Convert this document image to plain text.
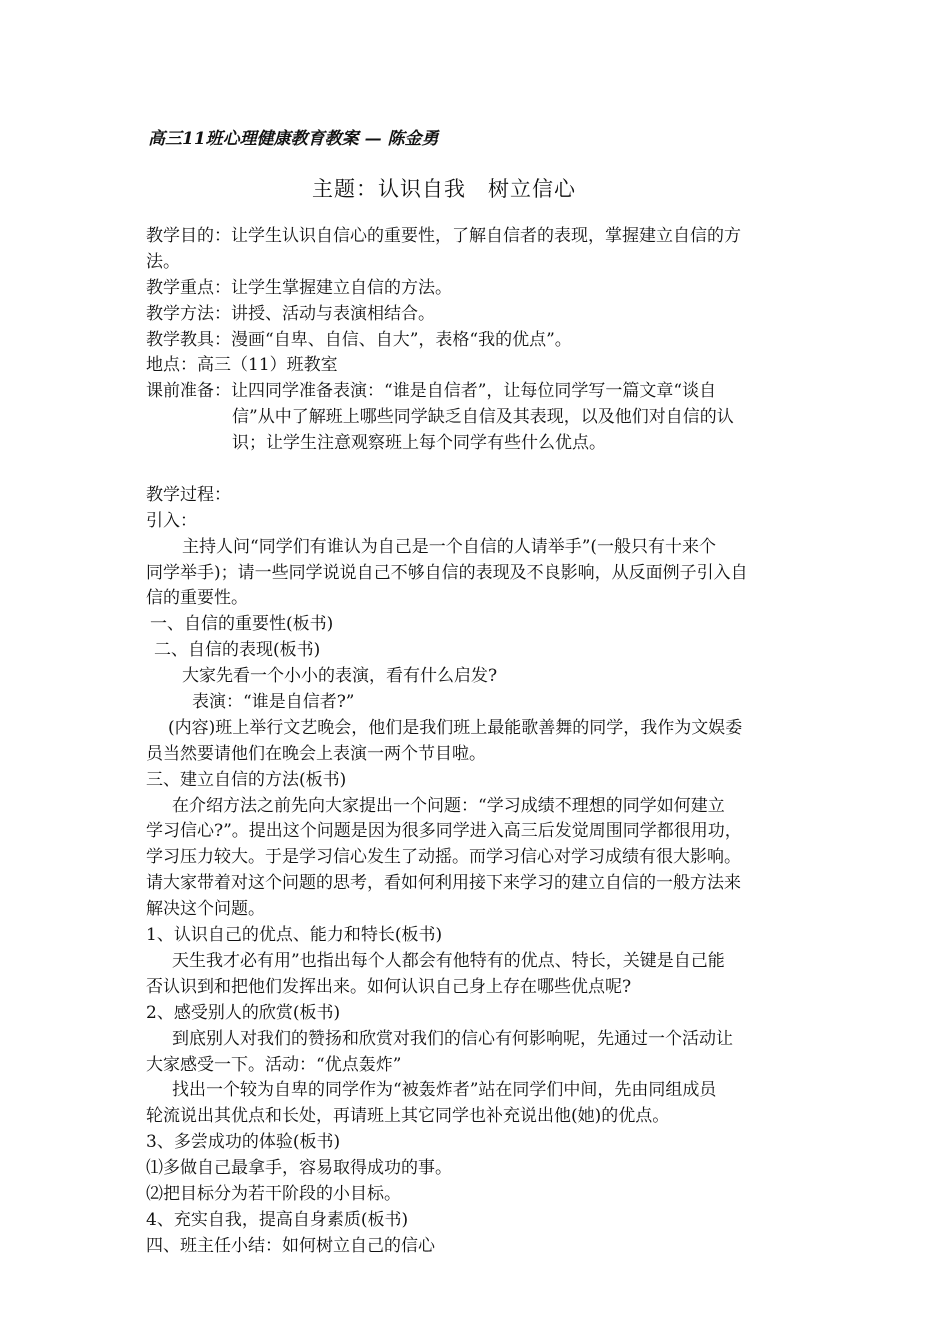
高三11班心理健康教育教案 — 陈金勇
主题：认识自我　树立信心
教学目的：让学生认识自信心的重要性，了解自信者的表现，掌握建立自信的方
法。
教学重点：让学生掌握建立自信的方法。
教学方法：讲授、活动与表演相结合。
教学教具：漫画“自卑、自信、自大”，表格“我的优点”。
地点：高三（11）班教室
课前准备：让四同学准备表演：“谁是自信者”，让每位同学写一篇文章“谈自
信”从中了解班上哪些同学缺乏自信及其表现，以及他们对自信的认
识；让学生注意观察班上每个同学有些什么优点。
教学过程：
引入：
主持人问“同学们有谁认为自己是一个自信的人请举手”(一般只有十来个
同学举手)；请一些同学说说自己不够自信的表现及不良影响，从反面例子引入自
信的重要性。
一、自信的重要性(板书)
二、自信的表现(板书)
大家先看一个小小的表演，看有什么启发?
表演：“谁是自信者?”
(内容)班上举行文艺晚会，他们是我们班上最能歌善舞的同学，我作为文娱委
员当然要请他们在晚会上表演一两个节目啦。
三、建立自信的方法(板书)
在介绍方法之前先向大家提出一个问题：“学习成绩不理想的同学如何建立
学习信心?”。提出这个问题是因为很多同学进入高三后发觉周围同学都很用功，
学习压力较大。于是学习信心发生了动摇。而学习信心对学习成绩有很大影响。
请大家带着对这个问题的思考，看如何利用接下来学习的建立自信的一般方法来
解决这个问题。
1、认识自己的优点、能力和特长(板书)
天生我才必有用”也指出每个人都会有他特有的优点、特长，关键是自己能
否认识到和把他们发挥出来。如何认识自己身上存在哪些优点呢?
2、感受别人的欣赏(板书)
到底别人对我们的赞扬和欣赏对我们的信心有何影响呢，先通过一个活动让
大家感受一下。活动：“优点轰炸”
找出一个较为自卑的同学作为“被轰炸者”站在同学们中间，先由同组成员
轮流说出其优点和长处，再请班上其它同学也补充说出他(她)的优点。
3、多尝成功的体验(板书)
⑴多做自己最拿手，容易取得成功的事。
⑵把目标分为若干阶段的小目标。
4、充实自我，提高自身素质(板书)
四、班主任小结：如何树立自己的信心
